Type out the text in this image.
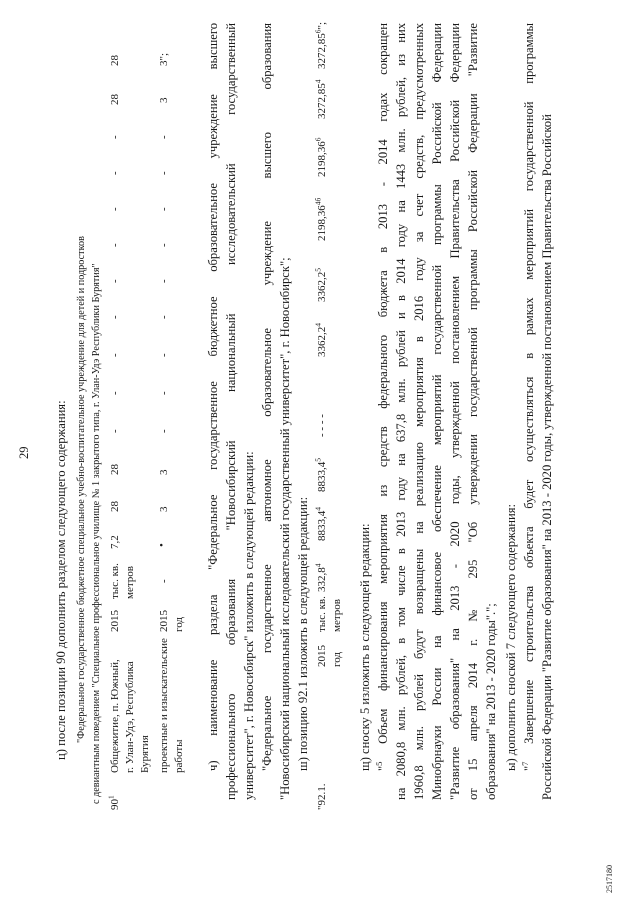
29 ц) после позиции 90 дополнить разделом следующего содержания: "Федеральное государственное бюджетное специальное учебно-воспитательное учреждение для детей и подростков с девиантным поведением "Специальное профессиональное училище № 1 закрытого типа, г. Улан-Удэ Республики Бурятия"
$90^1$
Общежитие, п. Южный, г. Улан-Удэ, Республика Бурятия
2015
тыс. кв. метров
7,2
28
28
-
-
-
-
-
-
-
-
-
28
28
проектные и изыскательские работы
2015 год
-
•
3
3
-
-
-
-
-
-
-
-
-
3
3";	ч) наименование раздела "Федеральное государственное бюджетное образовательное учреждение высшего профессионального образования "Новосибирский национальный исследовательский государственный университет", г. Новосибирск" изложить в следующей редакции: "Федеральное государственное автономное образовательное учреждение высшего образования "Новосибирский национальный исследовательский государственный университет", г. Новосибирск"; ш) позицию 92.1 изложить в следующей редакции:
"92.1.
2015 год
тыс. кв. метров
332,8$^4$
8833,4$^4$
8833,4$^5$
- - - -
3362,2$^4$
3362,2$^5$
$2198,36^{4б}$
2198,36$^6$
3272,85$^4$
3272,85$^6$";
щ) сноску 5 изложить в следующей редакции: "$^5$ Объем финансирования мероприятия из средств федерального бюджета в 2013 - 2014 годах сокращен на 2080,8 млн. рублей, в том числе в 2013 году на 637,8 млн. рублей и в 2014 году на 1443 млн. рублей, из них 1960,8 млн. рублей будут возвращены на реализацию мероприятия в 2016 году за счет средств, предусмотренных Минобрнауки России на финансовое обеспечение мероприятий государственной программы Российской Федерации "Развитие образования" на 2013 - 2020 годы, утвержденной постановлением Правительства Российской Федерации от 15 апреля 2014 г. № 295 "Об утверждении государственной программы Российской Федерации "Развитие образования" на 2013 - 2020 годы"."; ы) дополнить сноской 7 следующего содержания: "$^7$ Завершение строительства объекта будет осуществляться в рамках мероприятий государственной программы Российской Федерации "Развитие образования" на 2013 - 2020 годы, утвержденной постановлением Правительства Российской
2517180
